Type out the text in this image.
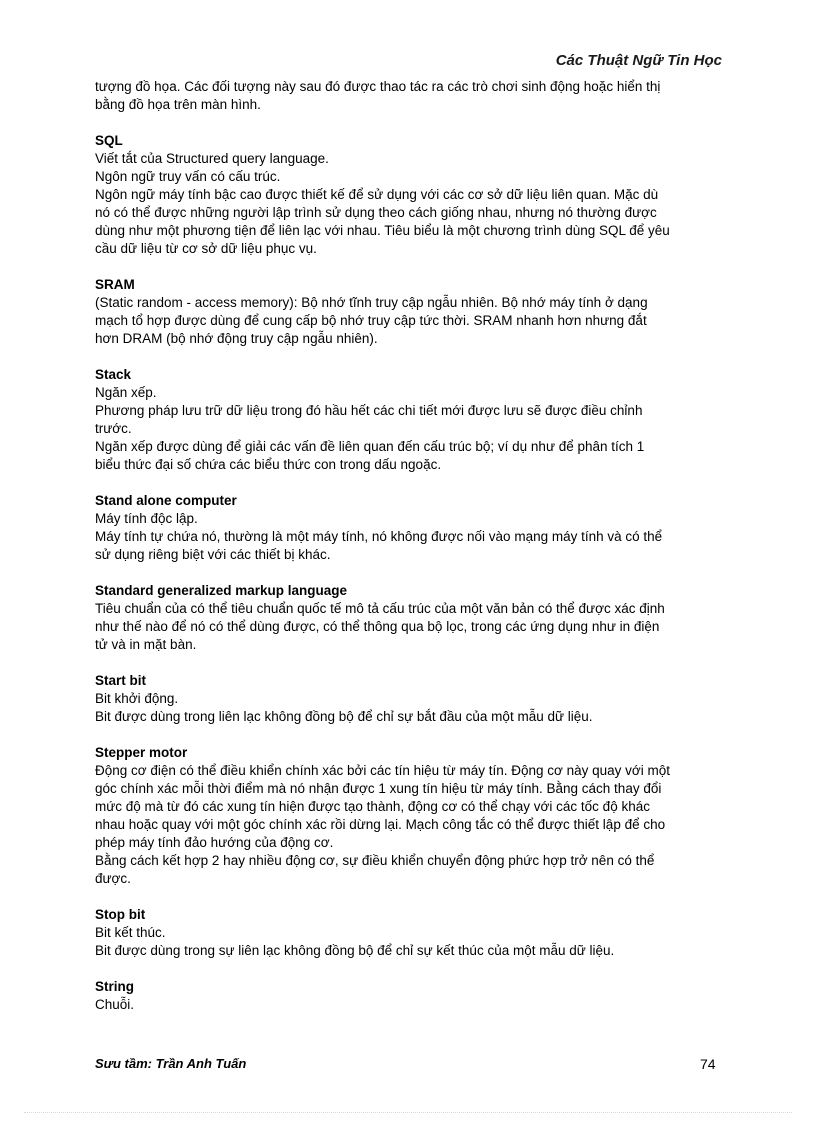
Các Thuật Ngữ Tin Học

tượng đồ họa. Các đối tượng này sau đó được thao tác ra các trò chơi sinh động hoặc hiển thị

bằng đồ họa trên màn hình.

SQL

Viết tắt của Structured query language.

Ngôn ngữ truy vấn có cấu trúc.

Ngôn ngữ máy tính bậc cao được thiết kế để sử dụng với các cơ sở dữ liệu liên quan. Mặc dù

nó có thể được những người lập trình sử dụng theo cách giống nhau, nhưng nó thường được

dùng như một phương tiện để liên lạc với nhau. Tiêu biểu là một chương trình dùng SQL để yêu

cầu dữ liệu từ cơ sở dữ liệu phục vụ.

SRAM

(Static random - access memory): Bộ nhớ tĩnh truy cập ngẫu nhiên. Bộ nhớ máy tính ở dạng

mạch tổ hợp được dùng để cung cấp bộ nhớ truy cập tức thời. SRAM nhanh hơn nhưng đắt

hơn DRAM (bộ nhớ động truy cập ngẫu nhiên).

Stack

Ngăn xếp.

Phương pháp lưu trữ dữ liệu trong đó hầu hết các chi tiết mới được lưu sẽ được điều chỉnh

trước.

Ngăn xếp được dùng để giải các vấn đề liên quan đến cấu trúc bộ; ví dụ như để phân tích 1

biểu thức đại số chứa các biểu thức con trong dấu ngoặc.

Stand alone computer

Máy tính độc lập.

Máy tính tự chứa nó, thường là một máy tính, nó không được nối vào mạng máy tính và có thể

sử dụng riêng biệt với các thiết bị khác.

Standard generalized markup language

Tiêu chuẩn của có thể tiêu chuẩn quốc tế mô tả cấu trúc của một văn bản có thể được xác định

như thế nào để nó có thể dùng được, có thể thông qua bộ lọc, trong các ứng dụng như in điện

tử và in mặt bàn.

Start bit

Bit khởi động.

Bit được dùng trong liên lạc không đồng bộ để chỉ sự bắt đầu của một mẫu dữ liệu.

Stepper motor

Động cơ điện có thể điều khiển chính xác bởi các tín hiệu từ máy tín. Động cơ này quay với một

góc chính xác mỗi thời điểm mà nó nhận được 1 xung tín hiệu từ máy tính. Bằng cách thay đổi

mức độ mà từ đó các xung tín hiện được tạo thành, động cơ có thể chạy với các tốc độ khác

nhau hoặc quay với một góc chính xác rồi dừng lại. Mạch công tắc có thể được thiết lập để cho

phép máy tính đảo hướng của động cơ.

Bằng cách kết hợp 2 hay nhiều động cơ, sự điều khiển chuyển động phức hợp trở nên có thể

được.

Stop bit

Bit kết thúc.

Bit được dùng trong sự liên lạc không đồng bộ để chỉ sự kết thúc của một mẫu dữ liệu.

String

Chuỗi.

Sưu tầm: Trần Anh Tuấn	74
